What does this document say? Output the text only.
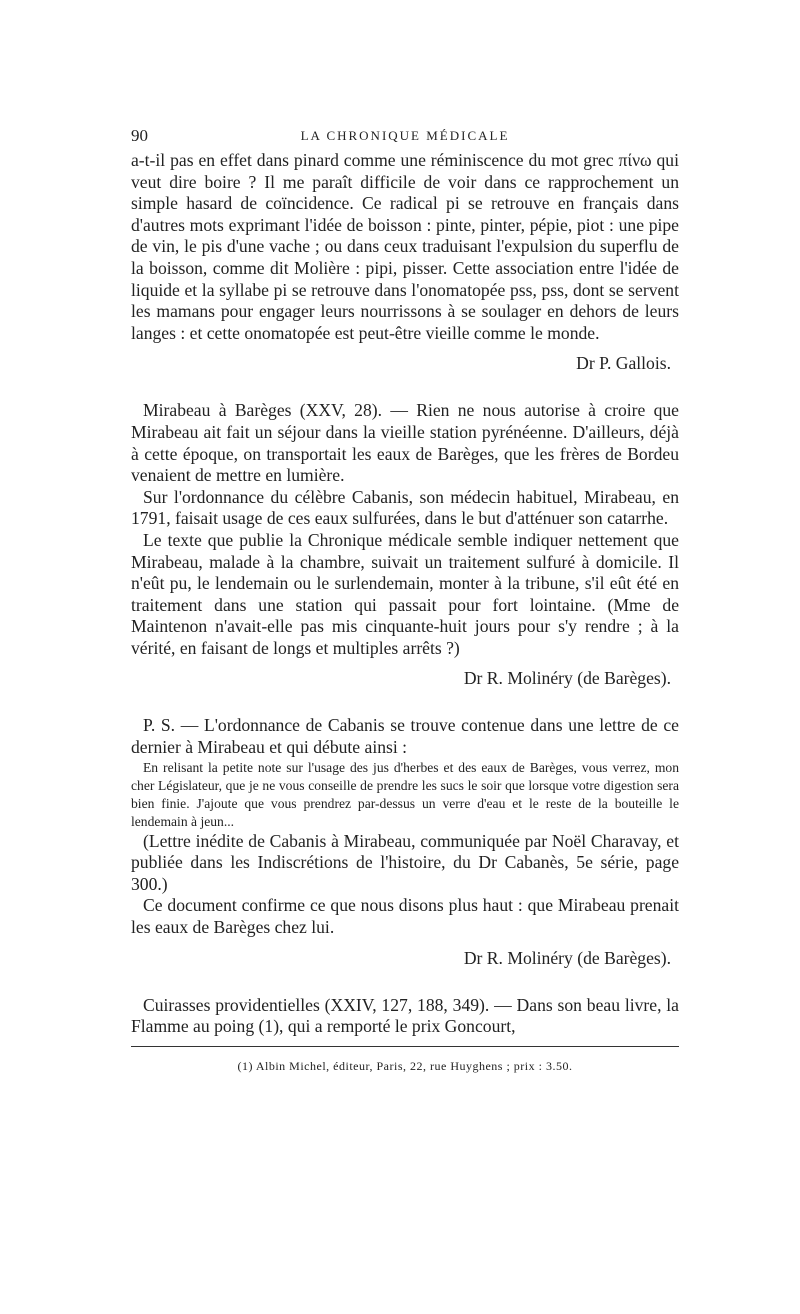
90	LA CHRONIQUE MÉDICALE

a-t-il pas en effet dans pinard comme une réminiscence du mot grec πίνω qui veut dire boire ? Il me paraît difficile de voir dans ce rapprochement un simple hasard de coïncidence. Ce radical pi se retrouve en français dans d'autres mots exprimant l'idée de boisson : pinte, pinter, pépie, piot : une pipe de vin, le pis d'une vache ; ou dans ceux traduisant l'expulsion du superflu de la boisson, comme dit Molière : pipi, pisser. Cette association entre l'idée de liquide et la syllabe pi se retrouve dans l'onomatopée pss, pss, dont se servent les mamans pour engager leurs nourrissons à se soulager en dehors de leurs langes : et cette onomatopée est peut-être vieille comme le monde.

Dr P. Gallois.

Mirabeau à Barèges (XXV, 28). — Rien ne nous autorise à croire que Mirabeau ait fait un séjour dans la vieille station pyrénéenne. D'ailleurs, déjà à cette époque, on transportait les eaux de Barèges, que les frères de Bordeu venaient de mettre en lumière.

Sur l'ordonnance du célèbre Cabanis, son médecin habituel, Mirabeau, en 1791, faisait usage de ces eaux sulfurées, dans le but d'atténuer son catarrhe.

Le texte que publie la Chronique médicale semble indiquer nettement que Mirabeau, malade à la chambre, suivait un traitement sulfuré à domicile. Il n'eût pu, le lendemain ou le surlendemain, monter à la tribune, s'il eût été en traitement dans une station qui passait pour fort lointaine. (Mme de Maintenon n'avait-elle pas mis cinquante-huit jours pour s'y rendre ; à la vérité, en faisant de longs et multiples arrêts ?)

Dr R. Molinéry (de Barèges).

P. S. — L'ordonnance de Cabanis se trouve contenue dans une lettre de ce dernier à Mirabeau et qui débute ainsi :

En relisant la petite note sur l'usage des jus d'herbes et des eaux de Barèges, vous verrez, mon cher Législateur, que je ne vous conseille de prendre les sucs le soir que lorsque votre digestion sera bien finie. J'ajoute que vous prendrez par-dessus un verre d'eau et le reste de la bouteille le lendemain à jeun...

(Lettre inédite de Cabanis à Mirabeau, communiquée par Noël Charavay, et publiée dans les Indiscrétions de l'histoire, du Dr Cabanès, 5e série, page 300.)

Ce document confirme ce que nous disons plus haut : que Mirabeau prenait les eaux de Barèges chez lui.

Dr R. Molinéry (de Barèges).

Cuirasses providentielles (XXIV, 127, 188, 349). — Dans son beau livre, la Flamme au poing (1), qui a remporté le prix Goncourt,

(1) Albin Michel, éditeur, Paris, 22, rue Huyghens ; prix : 3.50.
